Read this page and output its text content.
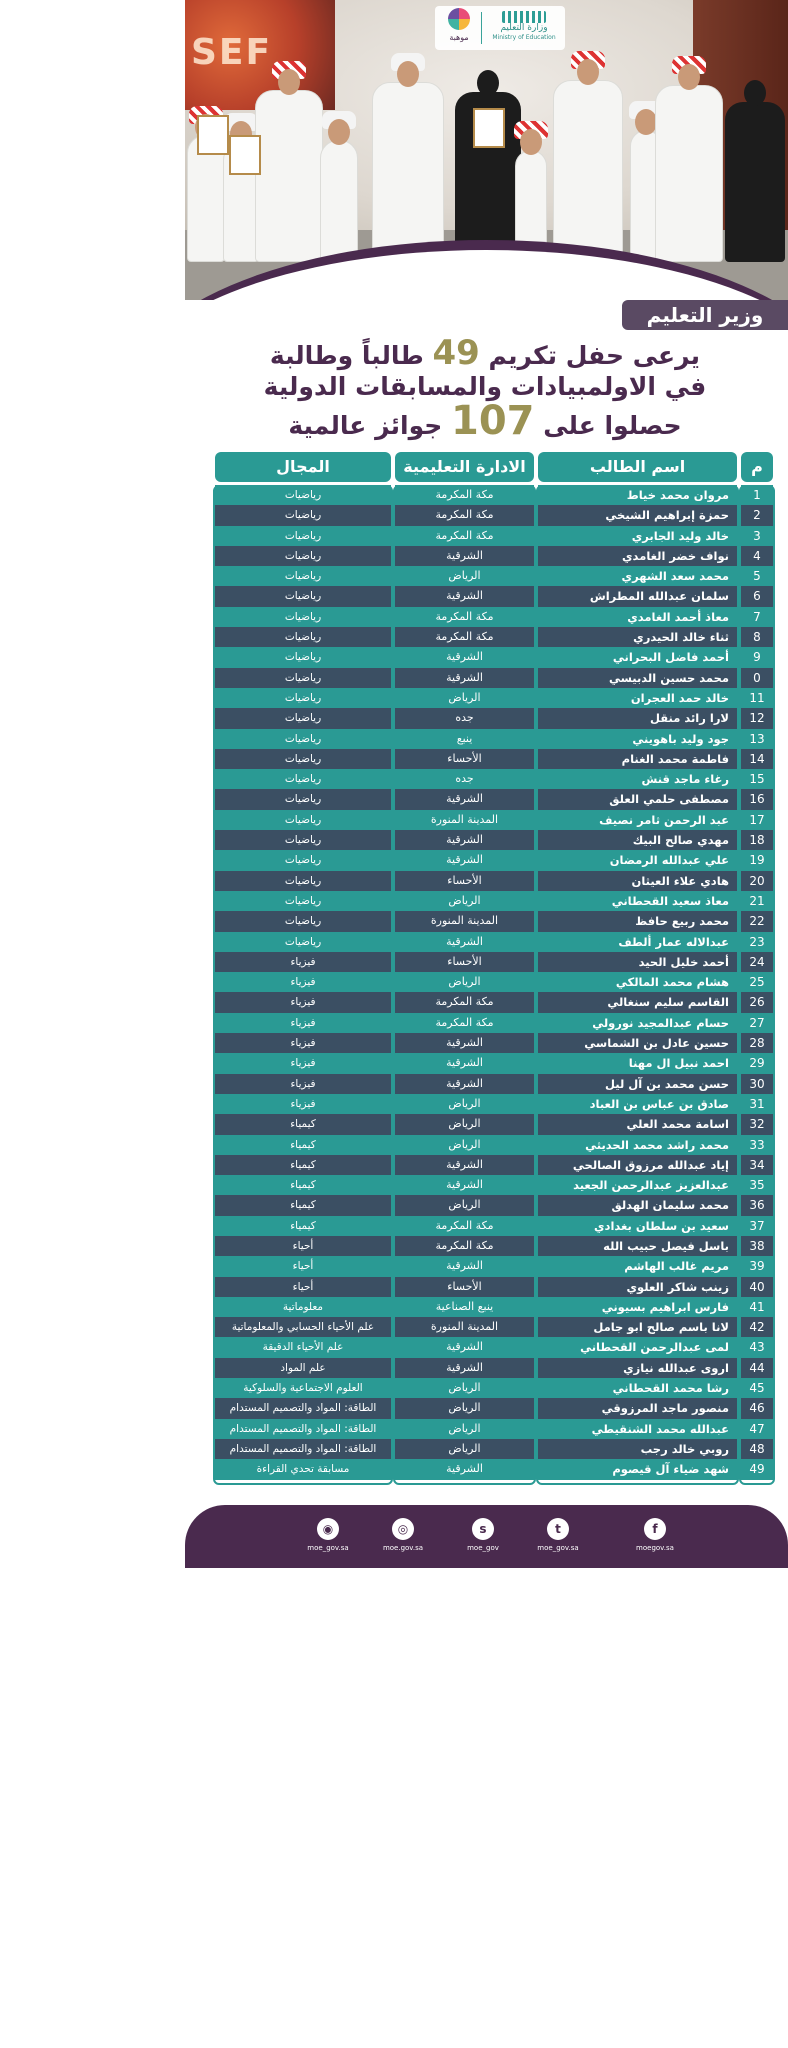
SEF	موهبة
وزارة التعليم
Ministry of Education
وزير التعليم
يرعى حفل تكريم 49 طالباً وطالبة
في الاولمبيادات والمسابقات الدولية
حصلوا على 107 جوائز عالمية
م
اسم الطالب
الادارة التعليمية
المجال
1
مروان محمد خياط
مكة المكرمة
رياضيات
2
حمزة إبراهيم الشيخي
مكة المكرمة
رياضيات
3
خالد وليد الجابري
مكة المكرمة
رياضيات
4
نواف خضر الغامدي
الشرقية
رياضيات
5
محمد سعد الشهري
الرياض
رياضيات
6
سلمان عبدالله المطراش
الشرقية
رياضيات
7
معاذ أحمد الغامدي
مكة المكرمة
رياضيات
8
ثناء خالد الحيدري
مكة المكرمة
رياضيات
9
أحمد فاضل البحراني
الشرقية
رياضيات
0
محمد حسين الدبيسي
الشرقية
رياضيات
11
خالد حمد العجران
الرياض
رياضيات
12
لارا رائد منقل
جده
رياضيات
13
جود وليد باهويني
ينبع
رياضيات
14
فاطمة محمد الغنام
الأحساء
رياضيات
15
رغاء ماجد قنش
جده
رياضيات
16
مصطفى حلمي العلق
الشرقية
رياضيات
17
عبد الرحمن ثامر نصيف
المدينة المنورة
رياضيات
18
مهدي صالح البيك
الشرقية
رياضيات
19
علي عبدالله الرمضان
الشرقية
رياضيات
20
هادي علاء العيثان
الأحساء
رياضيات
21
معاذ سعيد القحطاني
الرياض
رياضيات
22
محمد ربيع حافظ
المدينة المنورة
رياضيات
23
عبدالاله عمار ألطف
الشرقية
رياضيات
24
أحمد خليل الحيد
الأحساء
فيزياء
25
هشام محمد المالكي
الرياض
فيزياء
26
القاسم سليم سنغالي
مكة المكرمة
فيزياء
27
حسام عبدالمجيد نورولي
مكة المكرمة
فيزياء
28
حسين عادل بن الشماسي
الشرقية
فيزياء
29
احمد نبيل ال مهنا
الشرقية
فيزياء
30
حسن محمد بن آل ليل
الشرقية
فيزياء
31
صادق بن عباس بن العباد
الرياض
فيزياء
32
اسامة محمد العلي
الرياض
كيمياء
33
محمد راشد محمد الحديثي
الرياض
كيمياء
34
إياد عبدالله مرزوق الصالحي
الشرقية
كيمياء
35
عبدالعزيز عبدالرحمن الجعيد
الشرقية
كيمياء
36
محمد سليمان الهدلق
الرياض
كيمياء
37
سعيد بن سلطان بغدادي
مكة المكرمة
كيمياء
38
باسل فيصل حبيب الله
مكة المكرمة
أحياء
39
مريم غالب الهاشم
الشرقية
أحياء
40
زينب شاكر العلوي
الأحساء
أحياء
41
فارس ابراهيم بسيوني
ينبع الصناعية
معلوماتية
42
لانا باسم صالح ابو جامل
المدينة المنورة
علم الأحياء الحسابي والمعلوماتية
43
لمى عبدالرحمن القحطاني
الشرقية
علم الأحياء الدقيقة
44
اروى عبدالله نيازي
الشرقية
علم المواد
45
رشا محمد القحطاني
الرياض
العلوم الاجتماعية والسلوكية
46
منصور ماجد المرزوقي
الرياض
الطاقة: المواد والتصميم المستدام
47
عبدالله محمد الشنقيطي
الرياض
الطاقة: المواد والتصميم المستدام
48
روبي خالد رجب
الرياض
الطاقة: المواد والتصميم المستدام
49
شهد ضياء آل قيصوم
الشرقية
مسابقة تحدي القراءة
f
moegov.sa
t
moe_gov.sa
s
moe_gov
◎
moe.gov.sa
◉
moe_gov.sa
